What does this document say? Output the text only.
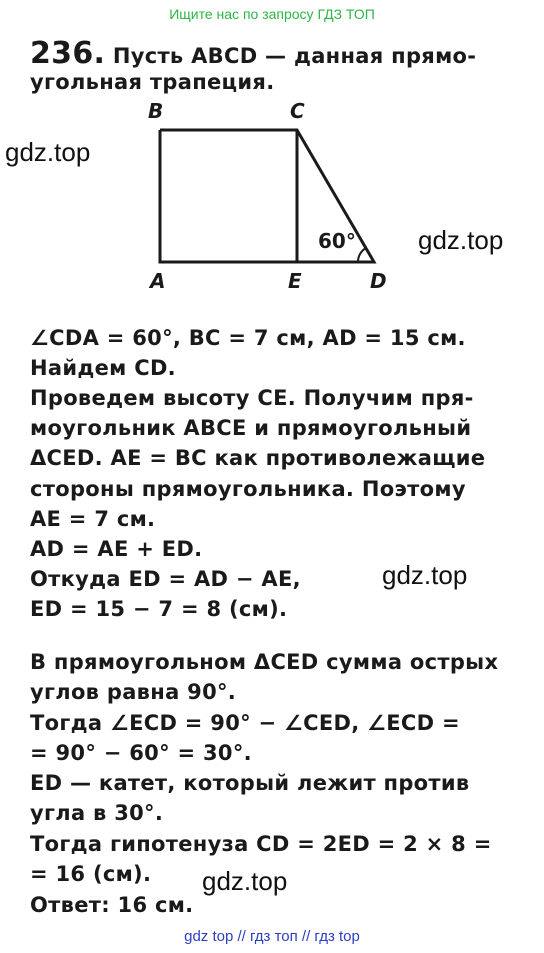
Ищите нас по запросу ГДЗ ТОП
236. Пусть ABCD — данная прямо-
угольная трапеция.
B	C
A	E	D
60°
gdz.top
gdz.top
gdz.top
gdz.top
∠CDA = 60°, BC = 7 см, AD = 15 см.
Найдем CD.
Проведем высоту CE. Получим пря-
моугольник ABCE и прямоугольный
ΔCED. AE = BC как противолежащие
стороны прямоугольника. Поэтому
AE = 7 см.
AD = AE + ED.
Откуда ED = AD − AE,
ED = 15 − 7 = 8 (см).
В прямоугольном ΔCED сумма острых
углов равна 90°.
Тогда ∠ECD = 90° − ∠CED, ∠ECD =
= 90° − 60° = 30°.
ED — катет, который лежит против
угла в 30°.
Тогда гипотенуза CD = 2ED = 2 × 8 =
= 16 (см).
Ответ: 16 см.
gdz top // гдз топ // гдз top
